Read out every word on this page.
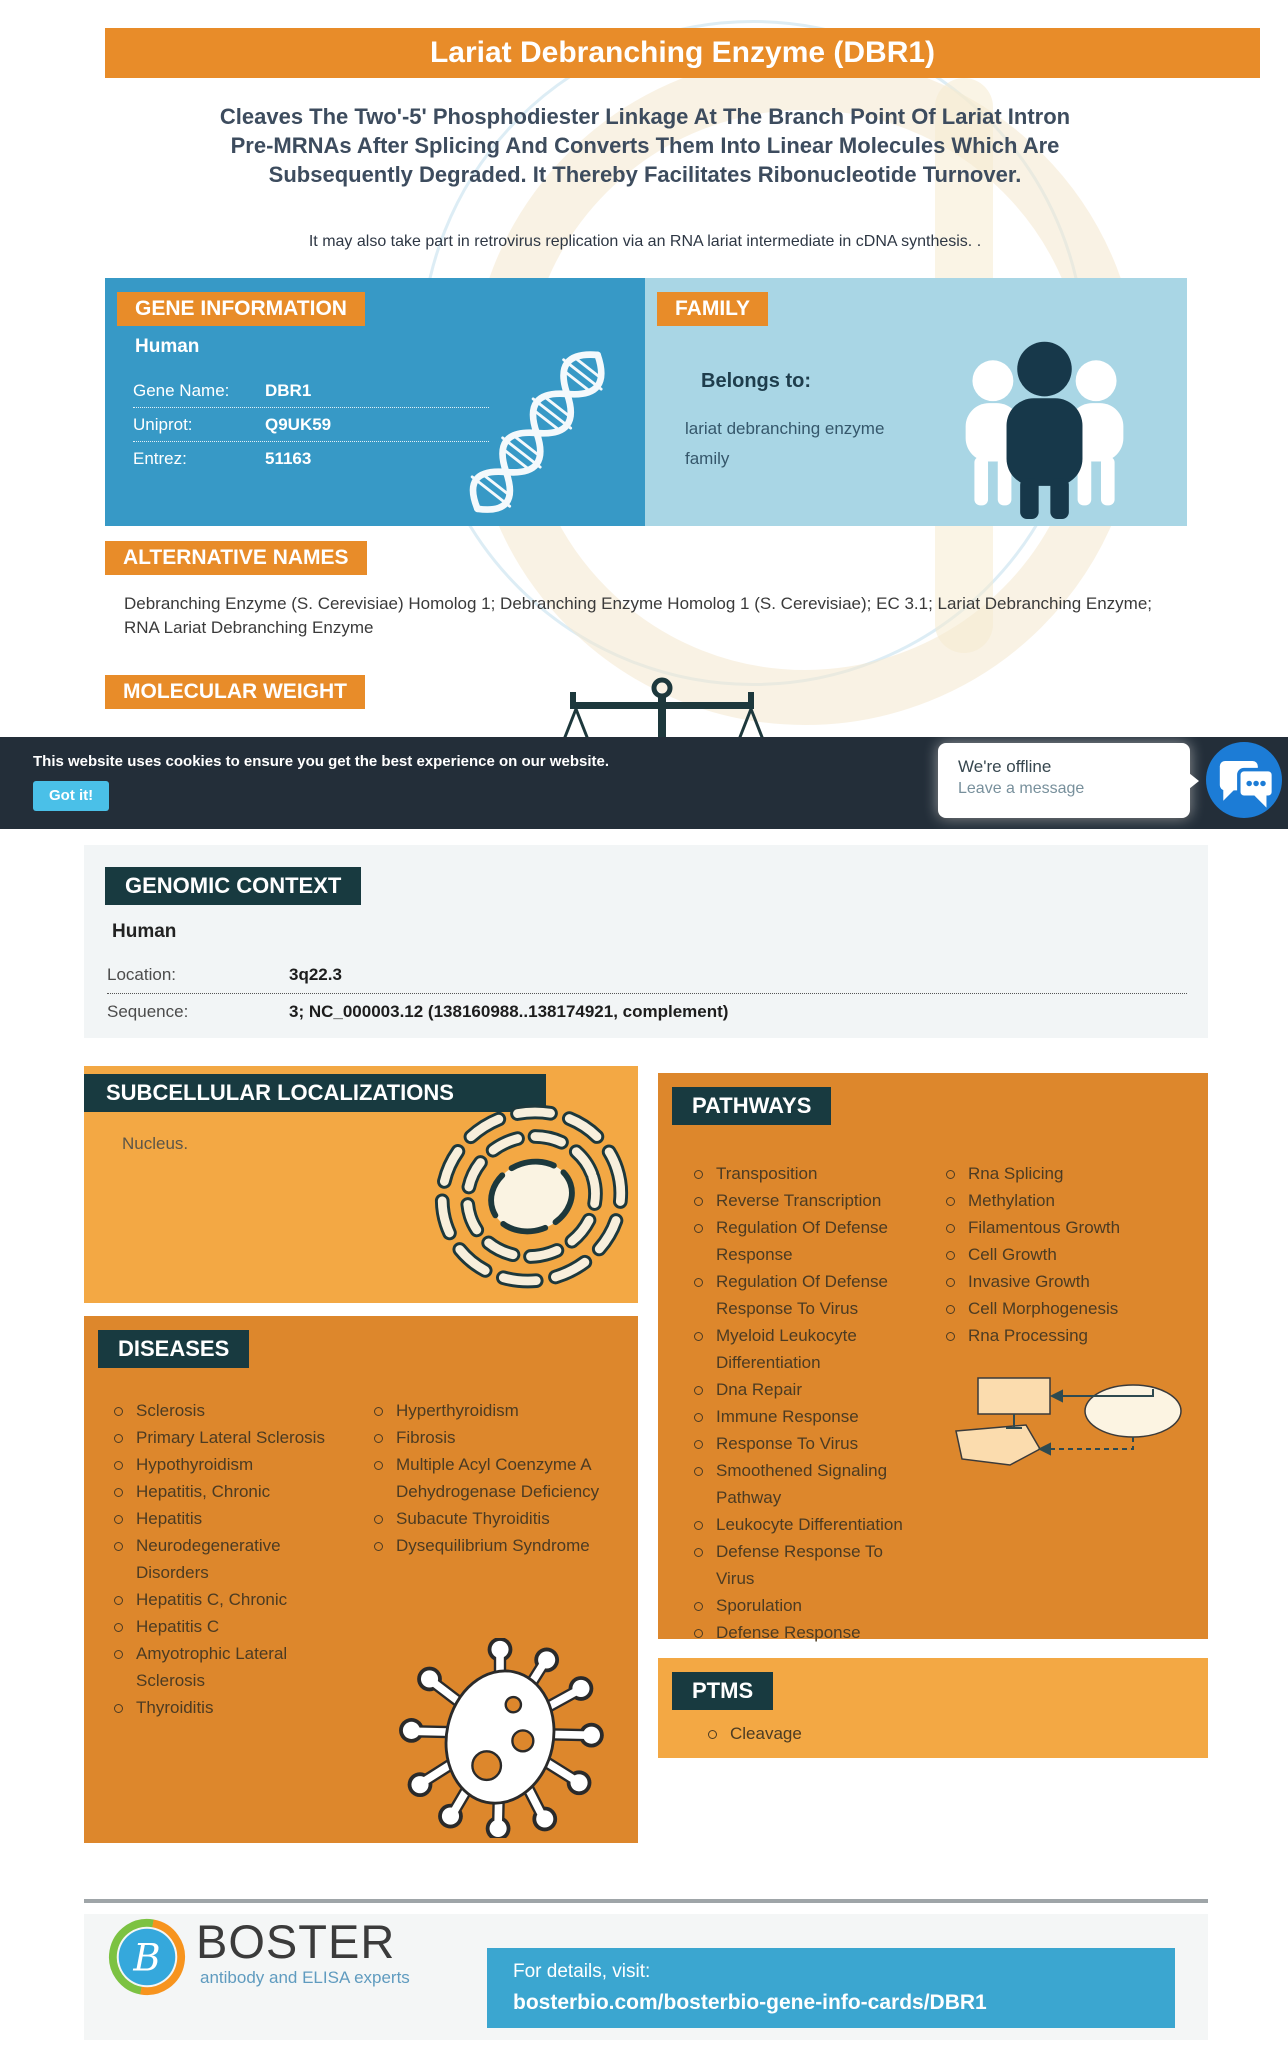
Lariat Debranching Enzyme (DBR1)
Cleaves The Two'-5' Phosphodiester Linkage At The Branch Point Of Lariat Intron
Pre-MRNAs After Splicing And Converts Them Into Linear Molecules Which Are
Subsequently Degraded. It Thereby Facilitates Ribonucleotide Turnover.
It may also take part in retrovirus replication via an RNA lariat intermediate in cDNA synthesis. .
GENE INFORMATION
Human
Gene Name:	DBR1
Uniprot:	Q9UK59
Entrez:	51163
FAMILY
Belongs to:
lariat debranching enzyme family
ALTERNATIVE NAMES
Debranching Enzyme (S. Cerevisiae) Homolog 1; Debranching Enzyme Homolog 1 (S. Cerevisiae); EC 3.1; Lariat Debranching Enzyme; RNA Lariat Debranching Enzyme
MOLECULAR WEIGHT
This website uses cookies to ensure you get the best experience on our website.
Got it!
We're offline
Leave a message
GENOMIC CONTEXT
Human
Location:	3q22.3
Sequence:	3; NC_000003.12 (138160988..138174921, complement)
SUBCELLULAR LOCALIZATIONS
Nucleus.
PATHWAYS
Transposition
Reverse Transcription
Regulation Of Defense Response
Regulation Of Defense Response To Virus
Myeloid Leukocyte Differentiation
Dna Repair
Immune Response
Response To Virus
Smoothened Signaling Pathway
Leukocyte Differentiation
Defense Response To Virus
Sporulation
Defense Response
Rna Splicing
Methylation
Filamentous Growth
Cell Growth
Invasive Growth
Cell Morphogenesis
Rna Processing
DISEASES
Sclerosis
Primary Lateral Sclerosis
Hypothyroidism
Hepatitis, Chronic
Hepatitis
Neurodegenerative Disorders
Hepatitis C, Chronic
Hepatitis C
Amyotrophic Lateral Sclerosis
Thyroiditis
Hyperthyroidism
Fibrosis
Multiple Acyl Coenzyme A Dehydrogenase Deficiency
Subacute Thyroiditis
Dysequilibrium Syndrome
PTMS
Cleavage
B BOSTER
antibody and ELISA experts	For details, visit:
bosterbio.com/bosterbio-gene-info-cards/DBR1
